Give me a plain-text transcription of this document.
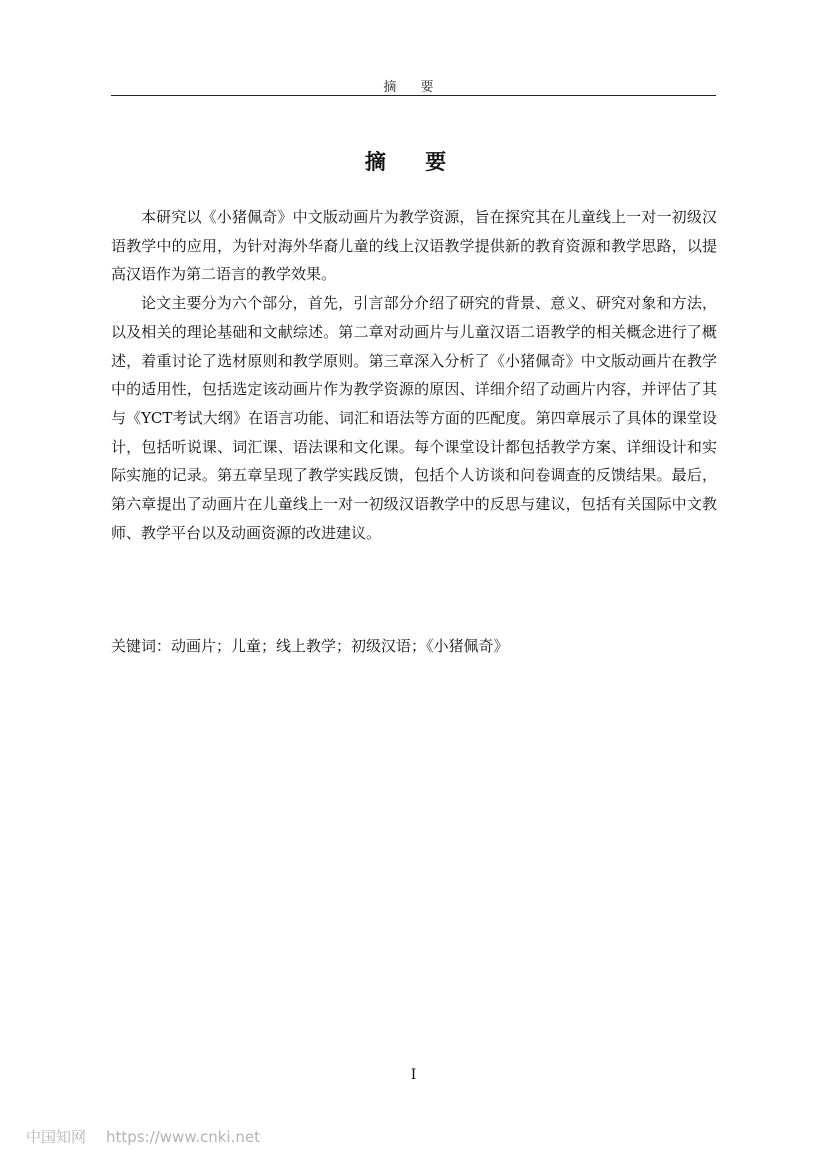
摘 要
摘 要

本研究以《小猪佩奇》中文版动画片为教学资源，旨在探究其在儿童线上一对一初级汉语教学中的应用，为针对海外华裔儿童的线上汉语教学提供新的教育资源和教学思路，以提高汉语作为第二语言的教学效果。

论文主要分为六个部分，首先，引言部分介绍了研究的背景、意义、研究对象和方法，以及相关的理论基础和文献综述。第二章对动画片与儿童汉语二语教学的相关概念进行了概述，着重讨论了选材原则和教学原则。第三章深入分析了《小猪佩奇》中文版动画片在教学中的适用性，包括选定该动画片作为教学资源的原因、详细介绍了动画片内容，并评估了其与《YCT考试大纲》在语言功能、词汇和语法等方面的匹配度。第四章展示了具体的课堂设计，包括听说课、词汇课、语法课和文化课。每个课堂设计都包括教学方案、详细设计和实际实施的记录。第五章呈现了教学实践反馈，包括个人访谈和问卷调查的反馈结果。最后，第六章提出了动画片在儿童线上一对一初级汉语教学中的反思与建议，包括有关国际中文教师、教学平台以及动画资源的改进建议。

关键词：动画片；儿童；线上教学；初级汉语；《小猪佩奇》
I
中国知网 https://www.cnki.net
